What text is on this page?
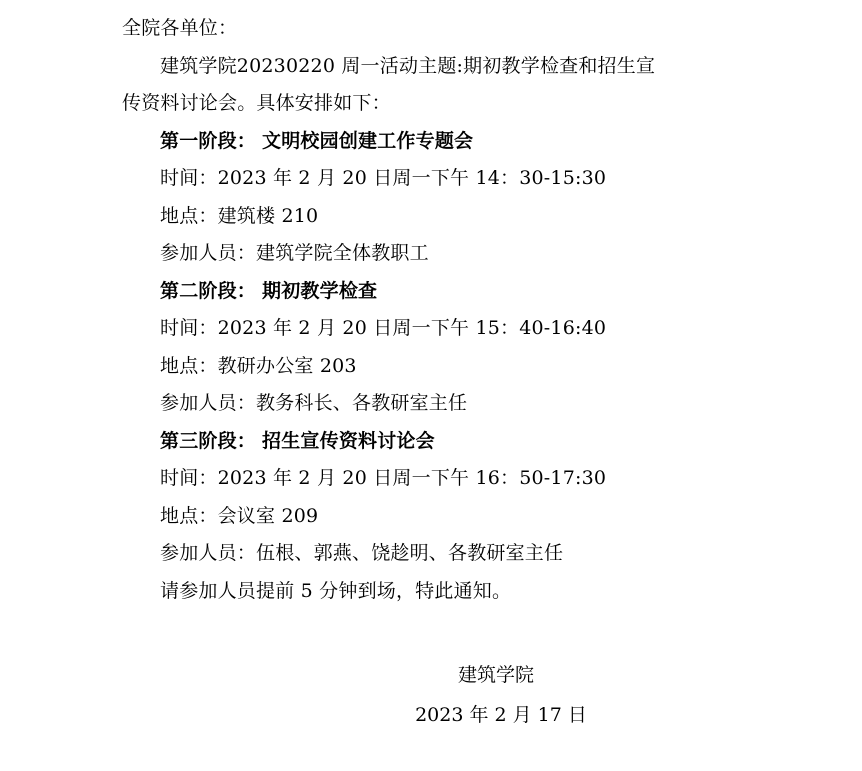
全院各单位：
建筑学院20230220 周一活动主题:期初教学检查和招生宣
传资料讨论会。具体安排如下：
第一阶段： 文明校园创建工作专题会
时间：2023 年 2 月 20 日周一下午 14：30-15:30
地点：建筑楼 210
参加人员：建筑学院全体教职工
第二阶段： 期初教学检查
时间：2023 年 2 月 20 日周一下午 15：40-16:40
地点：教研办公室 203
参加人员：教务科长、各教研室主任
第三阶段： 招生宣传资料讨论会
时间：2023 年 2 月 20 日周一下午 16：50-17:30
地点：会议室 209
参加人员：伍根、郭燕、饶趁明、各教研室主任
请参加人员提前 5 分钟到场，特此通知。
建筑学院
2023 年 2 月 17 日
